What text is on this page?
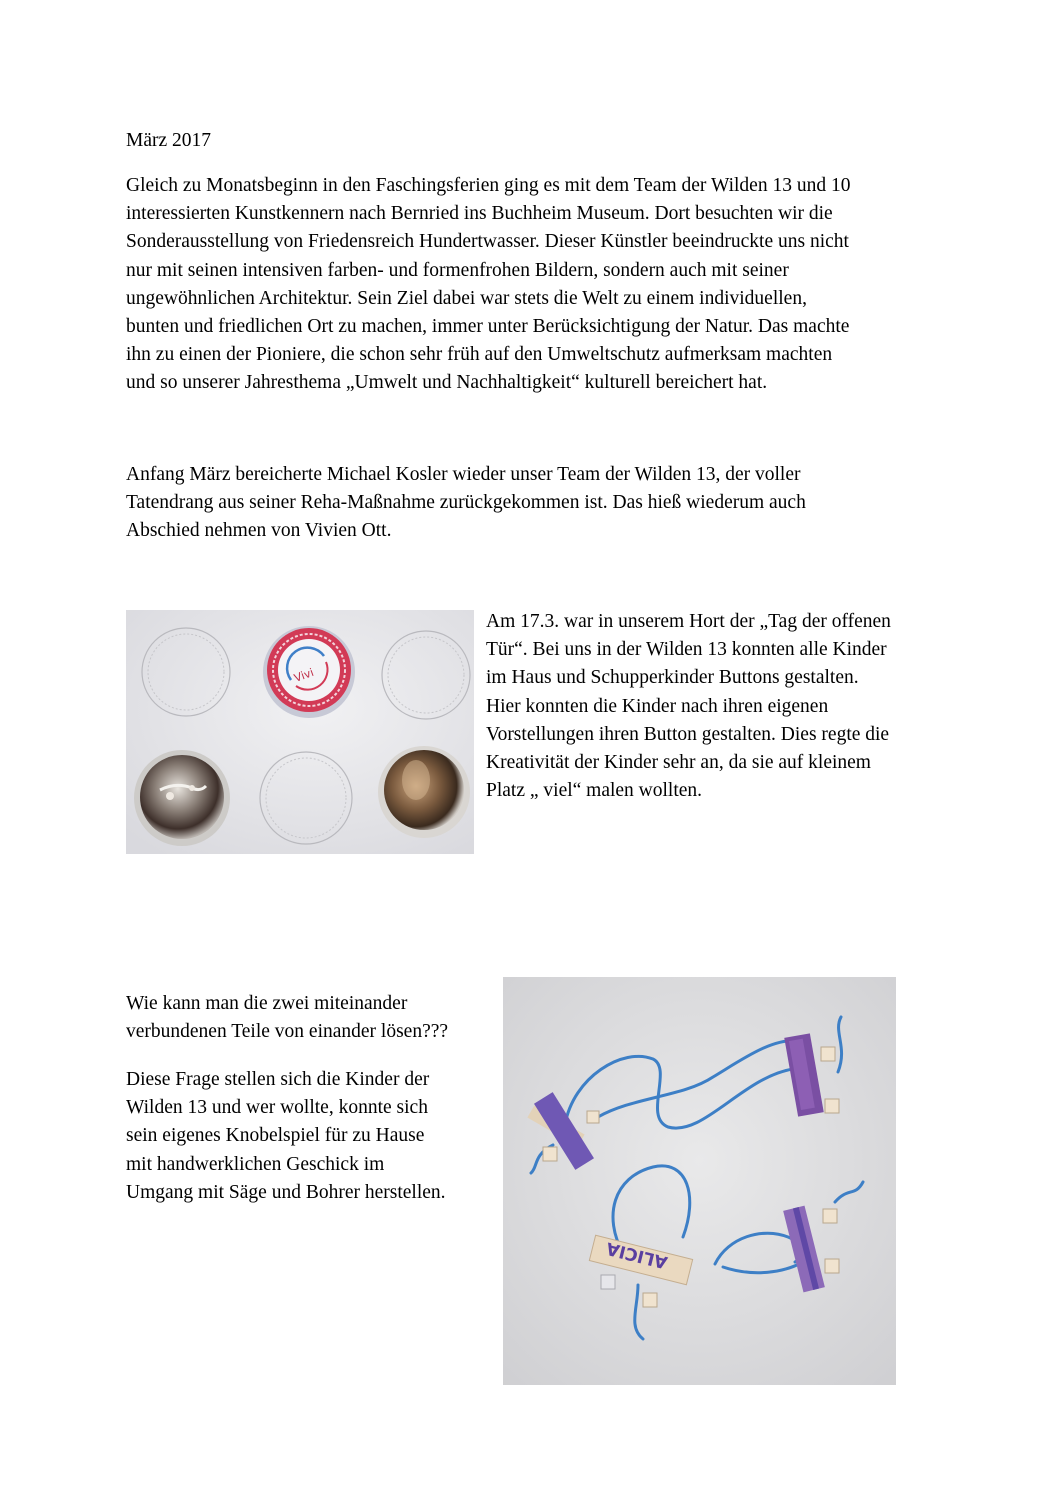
März 2017

Gleich zu Monatsbeginn in den Faschingsferien ging es mit dem Team der Wilden 13 und 10

interessierten Kunstkennern nach Bernried ins Buchheim Museum. Dort besuchten wir die

Sonderausstellung von Friedensreich Hundertwasser. Dieser Künstler beeindruckte uns nicht

nur mit seinen intensiven farben- und formenfrohen Bildern, sondern auch mit seiner

ungewöhnlichen Architektur. Sein Ziel dabei war stets die Welt zu einem individuellen,

bunten und friedlichen Ort zu machen, immer unter Berücksichtigung der Natur. Das machte

ihn zu einen der Pioniere, die schon sehr früh auf den Umweltschutz aufmerksam machten

und so unserer Jahresthema „Umwelt und Nachhaltigkeit“ kulturell bereichert hat.

Anfang März bereicherte Michael Kosler wieder unser Team der Wilden 13, der voller

Tatendrang aus seiner Reha-Maßnahme zurückgekommen ist. Das hieß wiederum auch

Abschied nehmen von Vivien Ott.

Vivi

Am 17.3. war in unserem Hort der „Tag der offenen

Tür“. Bei uns in der Wilden 13 konnten alle Kinder

im Haus und Schupperkinder Buttons gestalten.

Hier konnten die Kinder nach ihren eigenen

Vorstellungen ihren Button gestalten. Dies regte die

Kreativität der Kinder sehr an, da sie auf kleinem

Platz „ viel“ malen wollten.

Wie kann man die zwei miteinander

verbundenen Teile von einander lösen???

Diese Frage stellen sich die Kinder der

Wilden 13 und wer wollte, konnte sich

sein eigenes Knobelspiel für zu Hause

mit handwerklichen Geschick im

Umgang mit Säge und Bohrer herstellen.

ALICIA
